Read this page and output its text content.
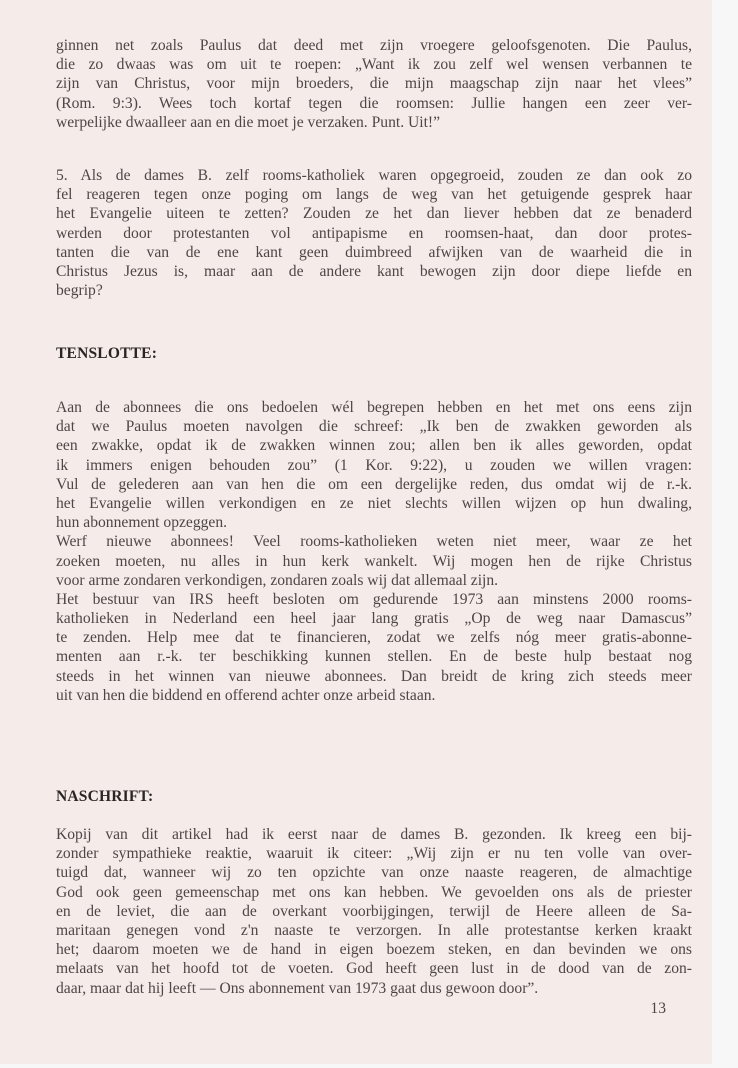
ginnen net zoals Paulus dat deed met zijn vroegere geloofsgenoten. Die Paulus,
die zo dwaas was om uit te roepen: „Want ik zou zelf wel wensen verbannen te
zijn van Christus, voor mijn broeders, die mijn maagschap zijn naar het vlees”
(Rom. 9:3). Wees toch kortaf tegen die roomsen: Jullie hangen een zeer ver-
werpelijke dwaalleer aan en die moet je verzaken. Punt. Uit!”
5. Als de dames B. zelf rooms-katholiek waren opgegroeid, zouden ze dan ook zo
fel reageren tegen onze poging om langs de weg van het getuigende gesprek haar
het Evangelie uiteen te zetten? Zouden ze het dan liever hebben dat ze benaderd
werden door protestanten vol antipapisme en roomsen-haat, dan door protes-
tanten die van de ene kant geen duimbreed afwijken van de waarheid die in
Christus Jezus is, maar aan de andere kant bewogen zijn door diepe liefde en
begrip?
TENSLOTTE:
Aan de abonnees die ons bedoelen wél begrepen hebben en het met ons eens zijn
dat we Paulus moeten navolgen die schreef: „Ik ben de zwakken geworden als
een zwakke, opdat ik de zwakken winnen zou; allen ben ik alles geworden, opdat
ik immers enigen behouden zou” (1 Kor. 9:22), u zouden we willen vragen:
Vul de gelederen aan van hen die om een dergelijke reden, dus omdat wij de r.-k.
het Evangelie willen verkondigen en ze niet slechts willen wijzen op hun dwaling,
hun abonnement opzeggen.
Werf nieuwe abonnees! Veel rooms-katholieken weten niet meer, waar ze het
zoeken moeten, nu alles in hun kerk wankelt. Wij mogen hen de rijke Christus
voor arme zondaren verkondigen, zondaren zoals wij dat allemaal zijn.
Het bestuur van IRS heeft besloten om gedurende 1973 aan minstens 2000 rooms-
katholieken in Nederland een heel jaar lang gratis „Op de weg naar Damascus”
te zenden. Help mee dat te financieren, zodat we zelfs nóg meer gratis-abonne-
menten aan r.-k. ter beschikking kunnen stellen. En de beste hulp bestaat nog
steeds in het winnen van nieuwe abonnees. Dan breidt de kring zich steeds meer
uit van hen die biddend en offerend achter onze arbeid staan.
NASCHRIFT:
Kopij van dit artikel had ik eerst naar de dames B. gezonden. Ik kreeg een bij-
zonder sympathieke reaktie, waaruit ik citeer: „Wij zijn er nu ten volle van over-
tuigd dat, wanneer wij zo ten opzichte van onze naaste reageren, de almachtige
God ook geen gemeenschap met ons kan hebben. We gevoelden ons als de priester
en de leviet, die aan de overkant voorbijgingen, terwijl de Heere alleen de Sa-
maritaan genegen vond z'n naaste te verzorgen. In alle protestantse kerken kraakt
het; daarom moeten we de hand in eigen boezem steken, en dan bevinden we ons
melaats van het hoofd tot de voeten. God heeft geen lust in de dood van de zon-
daar, maar dat hij leeft — Ons abonnement van 1973 gaat dus gewoon door”.
13
